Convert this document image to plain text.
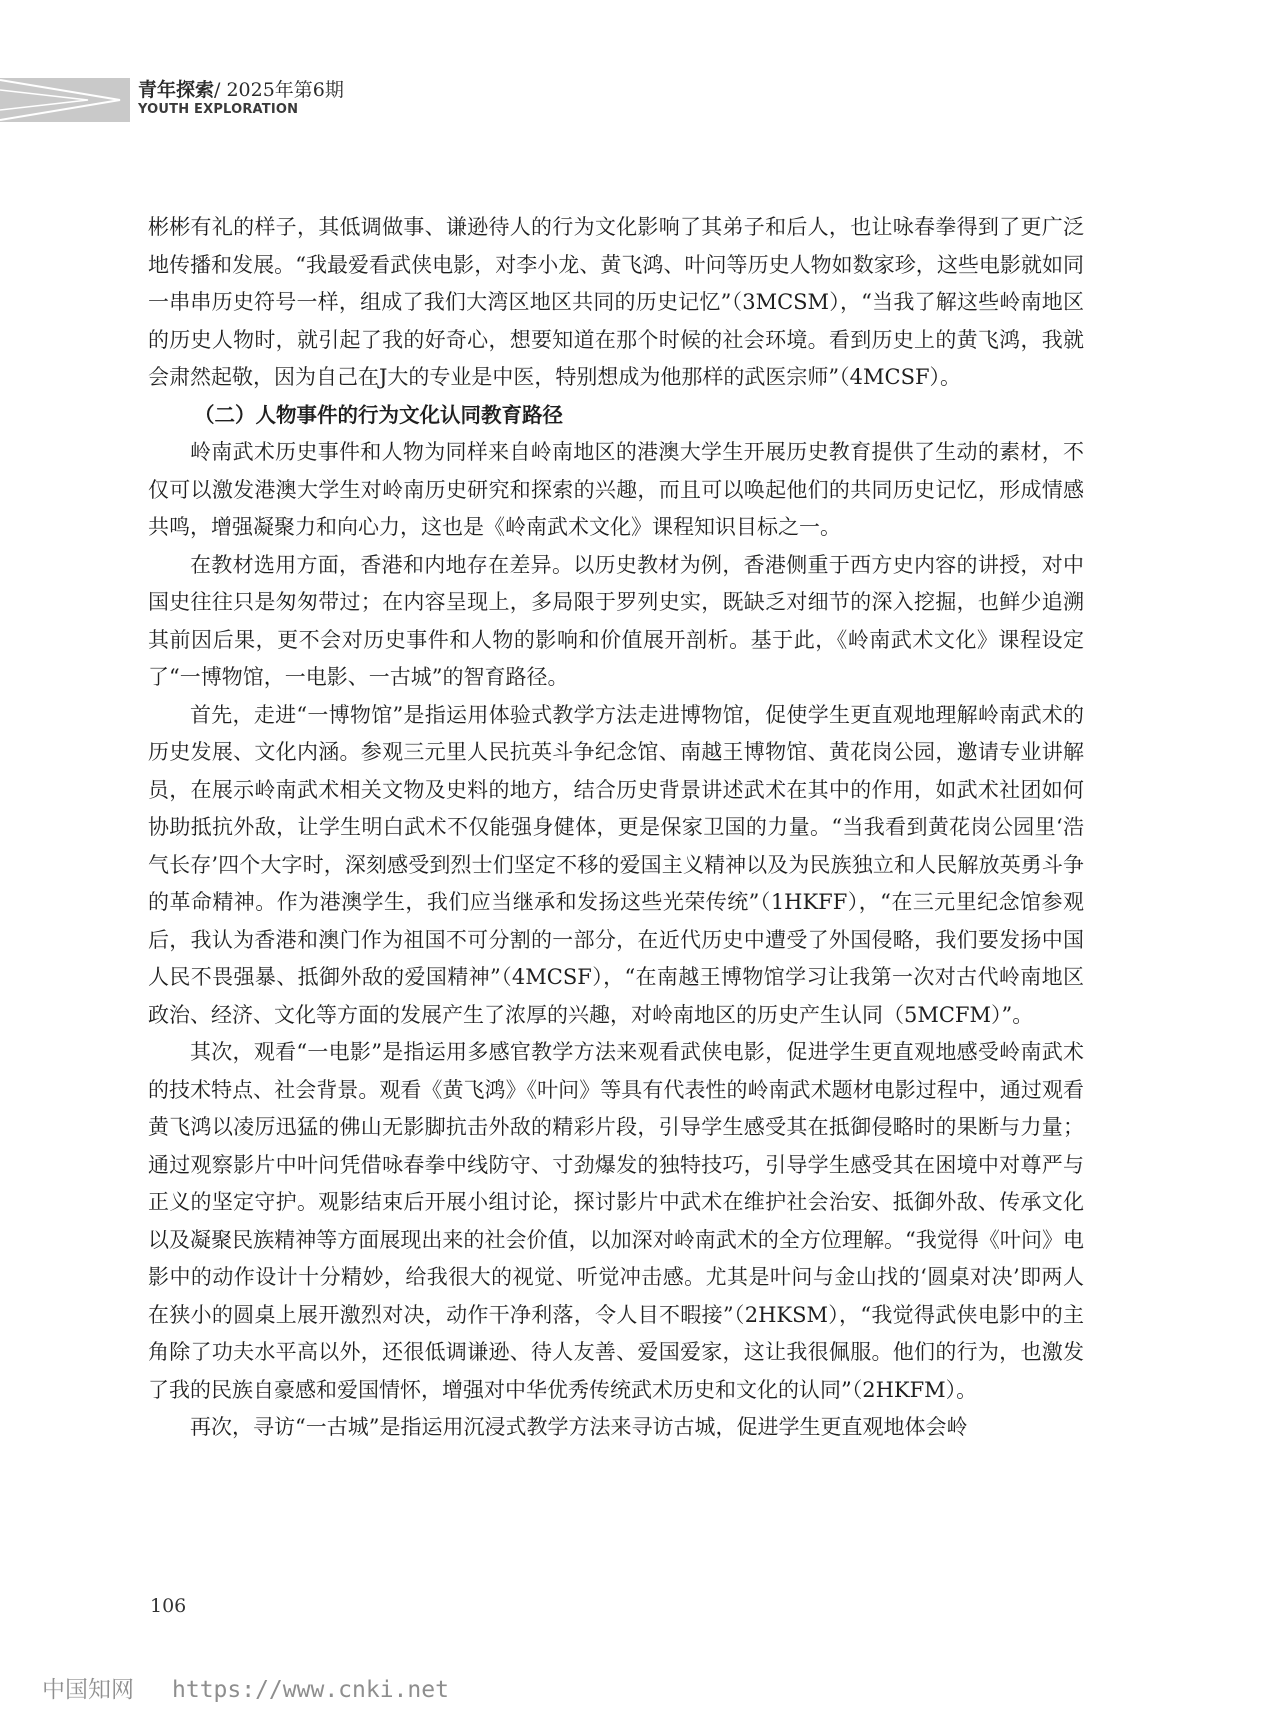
青年探索/ 2025年第6期
YOUTH EXPLORATION

彬彬有礼的样子，其低调做事、谦逊待人的行为文化影响了其弟子和后人，也让咏春拳得到了更广泛地传播和发展。“我最爱看武侠电影，对李小龙、黄飞鸿、叶问等历史人物如数家珍，这些电影就如同一串串历史符号一样，组成了我们大湾区地区共同的历史记忆”（3MCSM），“当我了解这些岭南地区的历史人物时，就引起了我的好奇心，想要知道在那个时候的社会环境。看到历史上的黄飞鸿，我就会肃然起敬，因为自己在J大的专业是中医，特别想成为他那样的武医宗师”（4MCSF）。

（二）人物事件的行为文化认同教育路径

岭南武术历史事件和人物为同样来自岭南地区的港澳大学生开展历史教育提供了生动的素材，不仅可以激发港澳大学生对岭南历史研究和探索的兴趣，而且可以唤起他们的共同历史记忆，形成情感共鸣，增强凝聚力和向心力，这也是《岭南武术文化》课程知识目标之一。

在教材选用方面，香港和内地存在差异。以历史教材为例，香港侧重于西方史内容的讲授，对中国史往往只是匆匆带过；在内容呈现上，多局限于罗列史实，既缺乏对细节的深入挖掘，也鲜少追溯其前因后果，更不会对历史事件和人物的影响和价值展开剖析。基于此，《岭南武术文化》课程设定了“一博物馆，一电影、一古城”的智育路径。

首先，走进“一博物馆”是指运用体验式教学方法走进博物馆，促使学生更直观地理解岭南武术的历史发展、文化内涵。参观三元里人民抗英斗争纪念馆、南越王博物馆、黄花岗公园，邀请专业讲解员，在展示岭南武术相关文物及史料的地方，结合历史背景讲述武术在其中的作用，如武术社团如何协助抵抗外敌，让学生明白武术不仅能强身健体，更是保家卫国的力量。“当我看到黄花岗公园里‘浩气长存’四个大字时，深刻感受到烈士们坚定不移的爱国主义精神以及为民族独立和人民解放英勇斗争的革命精神。作为港澳学生，我们应当继承和发扬这些光荣传统”（1HKFF），“在三元里纪念馆参观后，我认为香港和澳门作为祖国不可分割的一部分，在近代历史中遭受了外国侵略，我们要发扬中国人民不畏强暴、抵御外敌的爱国精神”（4MCSF），“在南越王博物馆学习让我第一次对古代岭南地区政治、经济、文化等方面的发展产生了浓厚的兴趣，对岭南地区的历史产生认同（5MCFM）”。

其次，观看“一电影”是指运用多感官教学方法来观看武侠电影，促进学生更直观地感受岭南武术的技术特点、社会背景。观看《黄飞鸿》《叶问》等具有代表性的岭南武术题材电影过程中，通过观看黄飞鸿以凌厉迅猛的佛山无影脚抗击外敌的精彩片段，引导学生感受其在抵御侵略时的果断与力量；通过观察影片中叶问凭借咏春拳中线防守、寸劲爆发的独特技巧，引导学生感受其在困境中对尊严与正义的坚定守护。观影结束后开展小组讨论，探讨影片中武术在维护社会治安、抵御外敌、传承文化以及凝聚民族精神等方面展现出来的社会价值，以加深对岭南武术的全方位理解。“我觉得《叶问》电影中的动作设计十分精妙，给我很大的视觉、听觉冲击感。尤其是叶问与金山找的‘圆桌对决’即两人在狭小的圆桌上展开激烈对决，动作干净利落，令人目不暇接”（2HKSM），“我觉得武侠电影中的主角除了功夫水平高以外，还很低调谦逊、待人友善、爱国爱家，这让我很佩服。他们的行为，也激发了我的民族自豪感和爱国情怀，增强对中华优秀传统武术历史和文化的认同”（2HKFM）。

再次，寻访“一古城”是指运用沉浸式教学方法来寻访古城，促进学生更直观地体会岭

106
中国知网 https://www.cnki.net
